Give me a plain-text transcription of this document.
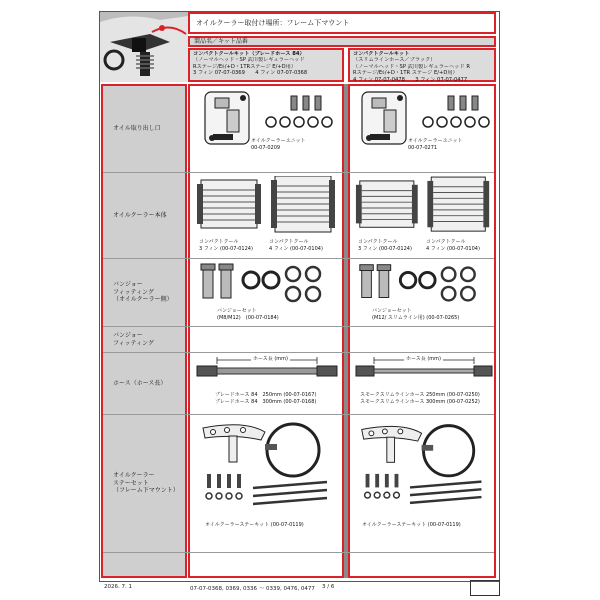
オイルクーラー取付け場所：フレーム下マウント
製品名／キット品番
コンパクトクールキット（ブレードホース 84）
（ノーマルヘッド・SP 武川製レギュラーヘッド
Rステージ/Eﾙ/+D・1TRステージ E/+D用）
3 フィン 07-07-0369　　4 フィン 07-07-0368
コンパクトクールキット
（スリムラインホース／ブラック）
（ノーマルヘッド・SP 武川製レギュラーヘッド R
Rステージ/Eﾙ/+D・1TR ステージ E/+D用）
4 フィン 07-07-0478　　3 フィン 07-07-0477
オイル取り出し口
オイルクーラー本体
バンジョー
フィッティング
（オイルクーラー側）
バンジョー
フィッティング
ホース（ホース長）
オイルクーラー
ステーセット
（フレーム下マウント）
オイルクーラーユニット
00-07-0209
オイルクーラーユニット
00-07-0271
コンパクトクール
3 フィン (00-07-0124)
コンパクトクール
4 フィン (00-07-0104)
コンパクトクール
3 フィン (00-07-0124)
コンパクトクール
4 フィン (00-07-0104)
バンジョーセット
(M8/M12)　(00-07-0184)
バンジョーセット
(M12/ スリムライン用) (00-07-0265)
ホース長 (mm)
ブレードホース 84　250mm (00-07-0167)
ブレードホース 84　300mm (00-07-0168)
ホース長 (mm)
スモークスリムラインホース 250mm (00-07-0250)
スモークスリムラインホース 300mm (00-07-0252)
オイルクーラーステーキット (00-07-0119)	オイルクーラーステーキット (00-07-0119)
2026. 7. 1	07-07-0368, 0369, 0336 ～ 0339, 0476, 0477 3 / 6
